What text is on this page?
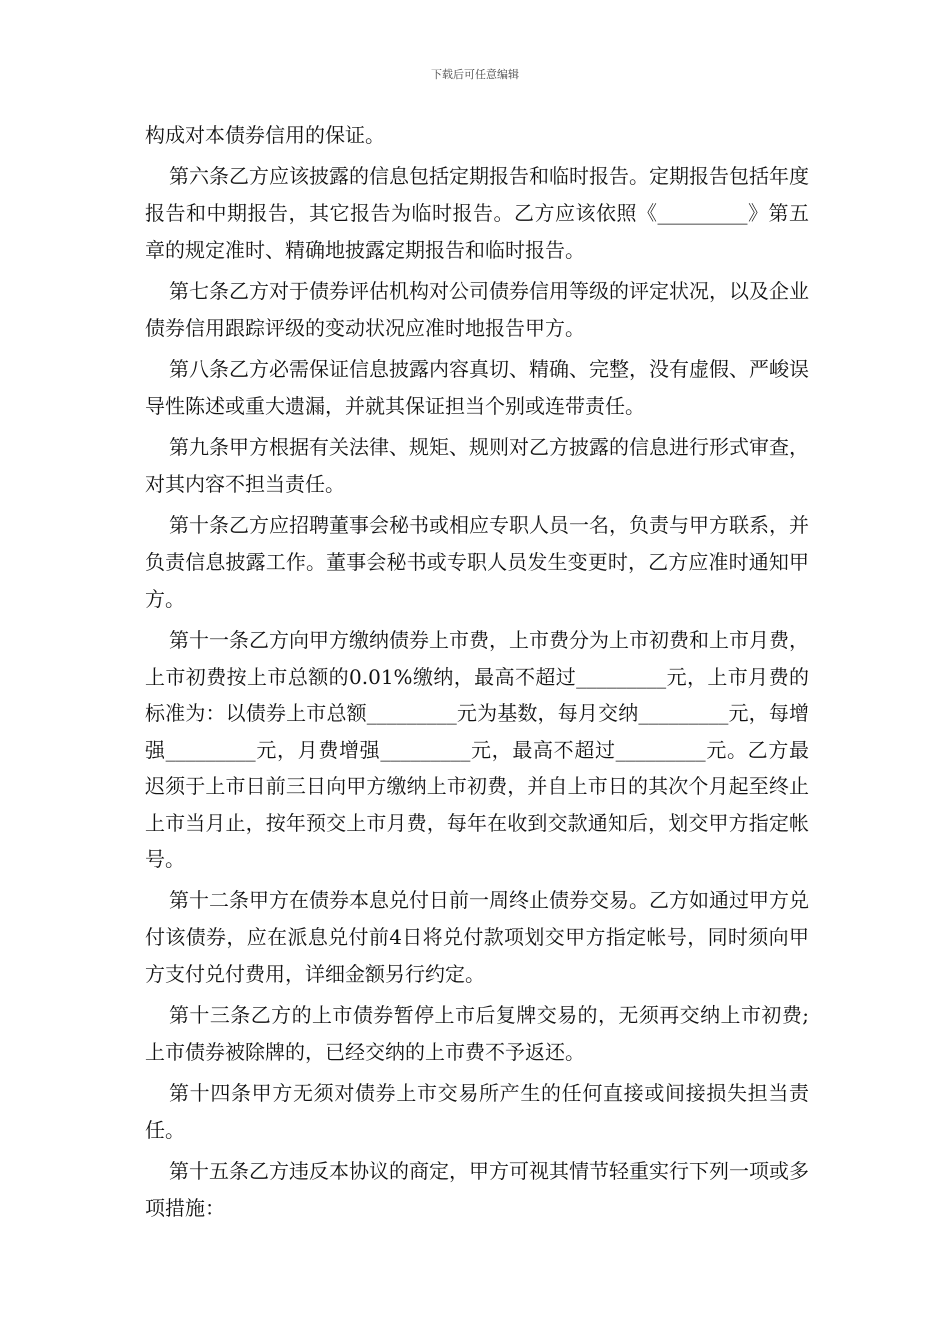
下载后可任意编辑

构成对本债券信用的保证。

第六条乙方应该披露的信息包括定期报告和临时报告。定期报告包括年度报告和中期报告，其它报告为临时报告。乙方应该依照《_________》第五章的规定准时、精确地披露定期报告和临时报告。

第七条乙方对于债券评估机构对公司债券信用等级的评定状况，以及企业债券信用跟踪评级的变动状况应准时地报告甲方。

第八条乙方必需保证信息披露内容真切、精确、完整，没有虚假、严峻误导性陈述或重大遗漏，并就其保证担当个别或连带责任。

第九条甲方根据有关法律、规矩、规则对乙方披露的信息进行形式审查，对其内容不担当责任。

第十条乙方应招聘董事会秘书或相应专职人员一名，负责与甲方联系，并负责信息披露工作。董事会秘书或专职人员发生变更时，乙方应准时通知甲方。

第十一条乙方向甲方缴纳债券上市费，上市费分为上市初费和上市月费，上市初费按上市总额的0.01%缴纳，最高不超过_________元，上市月费的标准为：以债券上市总额_________元为基数，每月交纳_________元，每增强_________元，月费增强_________元，最高不超过_________元。乙方最迟须于上市日前三日向甲方缴纳上市初费，并自上市日的其次个月起至终止上市当月止，按年预交上市月费，每年在收到交款通知后，划交甲方指定帐号。

第十二条甲方在债券本息兑付日前一周终止债券交易。乙方如通过甲方兑付该债券，应在派息兑付前4日将兑付款项划交甲方指定帐号，同时须向甲方支付兑付费用，详细金额另行约定。

第十三条乙方的上市债券暂停上市后复牌交易的，无须再交纳上市初费;上市债券被除牌的，已经交纳的上市费不予返还。

第十四条甲方无须对债券上市交易所产生的任何直接或间接损失担当责任。

第十五条乙方违反本协议的商定，甲方可视其情节轻重实行下列一项或多项措施：
